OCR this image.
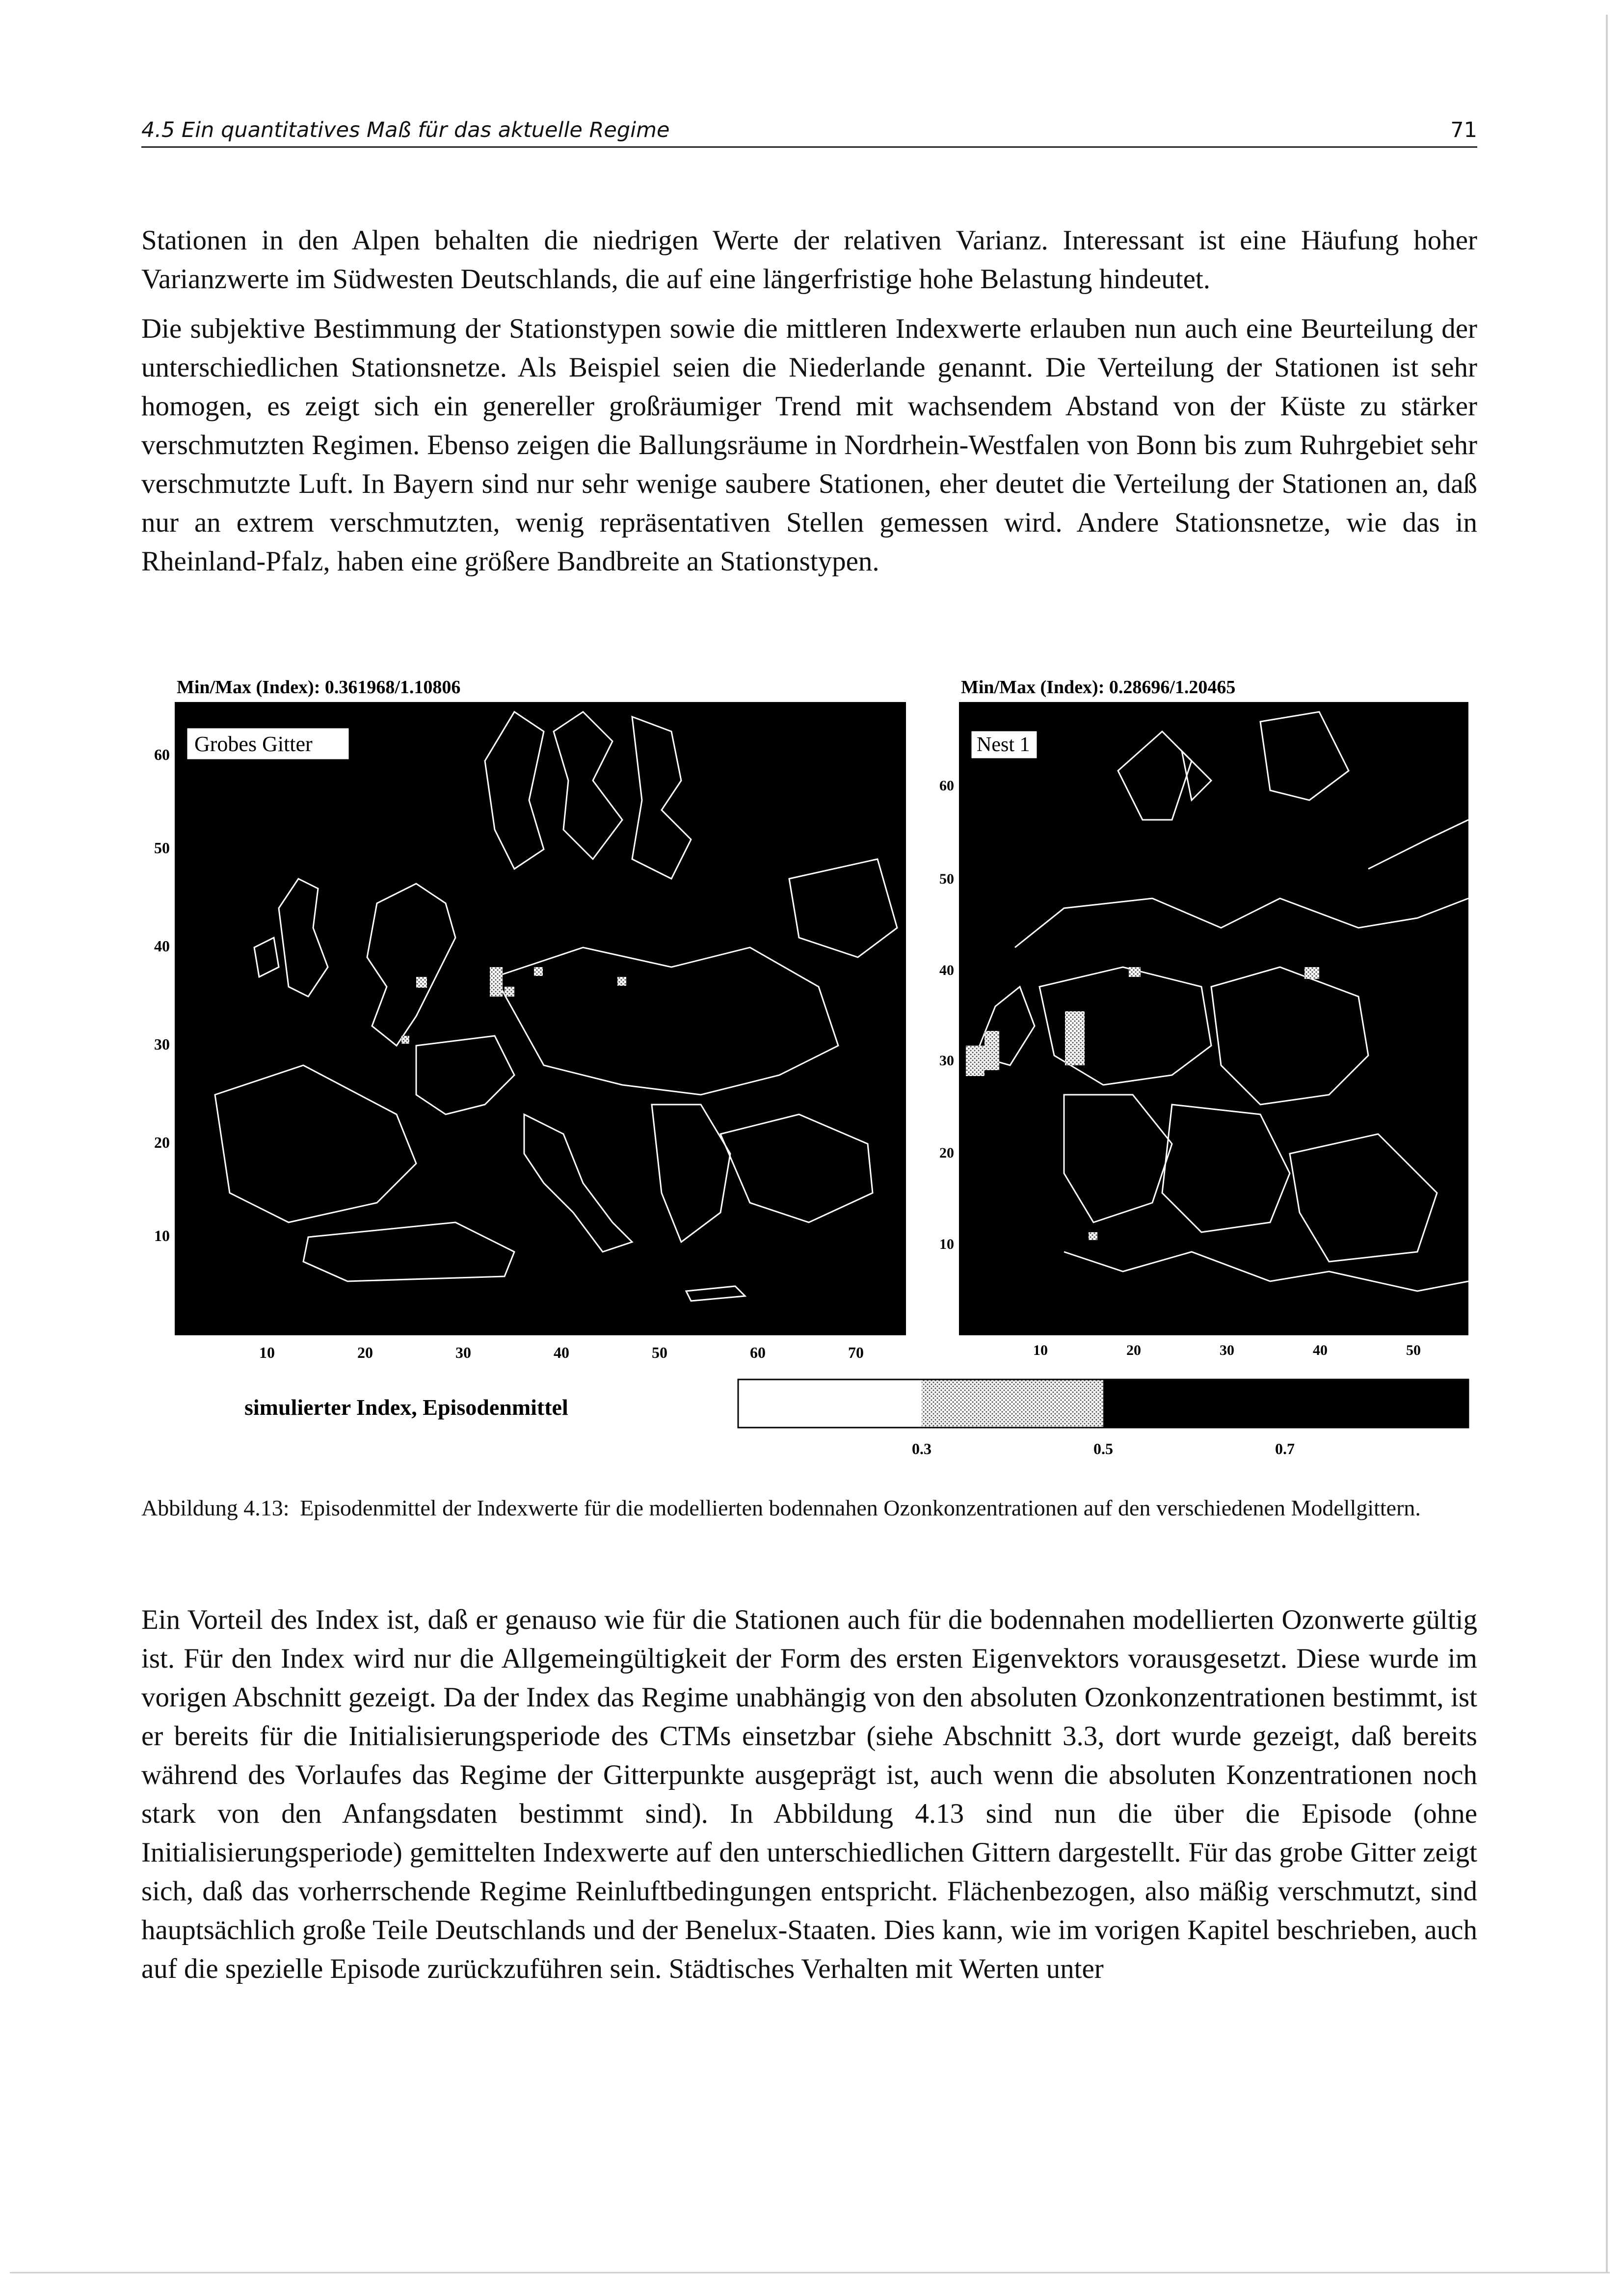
4.5 Ein quantitatives Maß für das aktuelle Regime	71

Stationen in den Alpen behalten die niedrigen Werte der relativen Varianz. Interessant ist eine Häufung hoher Varianzwerte im Südwesten Deutschlands, die auf eine längerfristige hohe Belastung hindeutet.

Die subjektive Bestimmung der Stationstypen sowie die mittleren Indexwerte erlauben nun auch eine Beurteilung der unterschiedlichen Stationsnetze. Als Beispiel seien die Niederlande genannt. Die Verteilung der Stationen ist sehr homogen, es zeigt sich ein genereller großräumiger Trend mit wachsendem Abstand von der Küste zu stärker verschmutzten Regimen. Ebenso zeigen die Ballungsräume in Nordrhein-Westfalen von Bonn bis zum Ruhrgebiet sehr verschmutzte Luft. In Bayern sind nur sehr wenige saubere Stationen, eher deutet die Verteilung der Stationen an, daß nur an extrem verschmutzten, wenig repräsentativen Stellen gemessen wird. Andere Stationsnetze, wie das in Rheinland-Pfalz, haben eine größere Bandbreite an Stationstypen.

Min/Max (Index): 0.361968/1.10806
Grobes Gitter
60
50
40
30
20
10
10	20	30	40	50	60	70
Min/Max (Index): 0.28696/1.20465
Nest 1
60
50
40
30
20
10
10	20	30	40	50
simulierter Index, Episodenmittel
0.3	0.5	0.7

Abbildung 4.13: Episodenmittel der Indexwerte für die modellierten bodennahen Ozonkonzentrationen auf den verschiedenen Modellgittern.

Ein Vorteil des Index ist, daß er genauso wie für die Stationen auch für die bodennahen modellierten Ozonwerte gültig ist. Für den Index wird nur die Allgemeingültigkeit der Form des ersten Eigenvektors vorausgesetzt. Diese wurde im vorigen Abschnitt gezeigt. Da der Index das Regime unabhängig von den absoluten Ozonkonzentrationen bestimmt, ist er bereits für die Initialisierungsperiode des CTMs einsetzbar (siehe Abschnitt 3.3, dort wurde gezeigt, daß bereits während des Vorlaufes das Regime der Gitterpunkte ausgeprägt ist, auch wenn die absoluten Konzentrationen noch stark von den Anfangsdaten bestimmt sind). In Abbildung 4.13 sind nun die über die Episode (ohne Initialisierungsperiode) gemittelten Indexwerte auf den unterschiedlichen Gittern dargestellt. Für das grobe Gitter zeigt sich, daß das vorherrschende Regime Reinluftbedingungen entspricht. Flächenbezogen, also mäßig verschmutzt, sind hauptsächlich große Teile Deutschlands und der Benelux-Staaten. Dies kann, wie im vorigen Kapitel beschrieben, auch auf die spezielle Episode zurückzuführen sein. Städtisches Verhalten mit Werten unter
